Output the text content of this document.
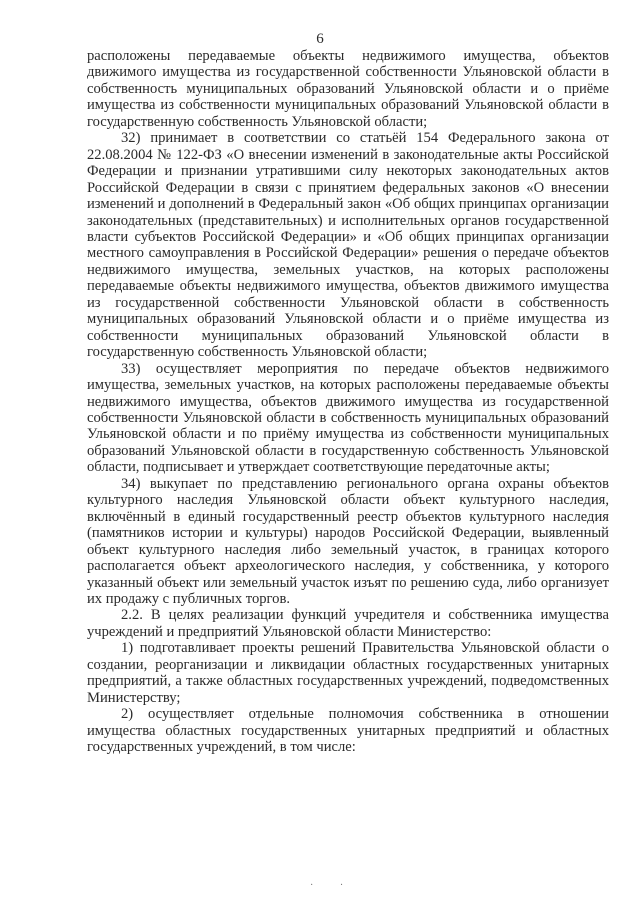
6

расположены передаваемые объекты недвижимого имущества, объектов движимого имущества из государственной собственности Ульяновской области в собственность муниципальных образований Ульяновской области и о приёме имущества из собственности муниципальных образований Ульяновской области в государственную собственность Ульяновской области;

32) принимает в соответствии со статьёй 154 Федерального закона от 22.08.2004 № 122-ФЗ «О внесении изменений в законодательные акты Российской Федерации и признании утратившими силу некоторых законодательных актов Российской Федерации в связи с принятием федеральных законов «О внесении изменений и дополнений в Федеральный закон «Об общих принципах организации законодательных (представительных) и исполнительных органов государственной власти субъектов Российской Федерации» и «Об общих принципах организации местного самоуправления в Российской Федерации» решения о передаче объектов недвижимого имущества, земельных участков, на которых расположены передаваемые объекты недвижимого имущества, объектов движимого имущества из государственной собственности Ульяновской области в собственность муниципальных образований Ульяновской области и о приёме имущества из собственности муниципальных образований Ульяновской области в государственную собственность Ульяновской области;

33) осуществляет мероприятия по передаче объектов недвижимого имущества, земельных участков, на которых расположены передаваемые объекты недвижимого имущества, объектов движимого имущества из государственной собственности Ульяновской области в собственность муниципальных образований Ульяновской области и по приёму имущества из собственности муниципальных образований Ульяновской области в государственную собственность Ульяновской области, подписывает и утверждает соответствующие передаточные акты;

34) выкупает по представлению регионального органа охраны объектов культурного наследия Ульяновской области объект культурного наследия, включённый в единый государственный реестр объектов культурного наследия (памятников истории и культуры) народов Российской Федерации, выявленный объект культурного наследия либо земельный участок, в границах которого располагается объект археологического наследия, у собственника, у которого указанный объект или земельный участок изъят по решению суда, либо организует их продажу с публичных торгов.

2.2. В целях реализации функций учредителя и собственника имущества учреждений и предприятий Ульяновской области Министерство:

1) подготавливает проекты решений Правительства Ульяновской области о создании, реорганизации и ликвидации областных государственных унитарных предприятий, а также областных государственных учреждений, подведомственных Министерству;

2) осуществляет отдельные полномочия собственника в отношении имущества областных государственных унитарных предприятий и областных государственных учреждений, в том числе:

· ·
